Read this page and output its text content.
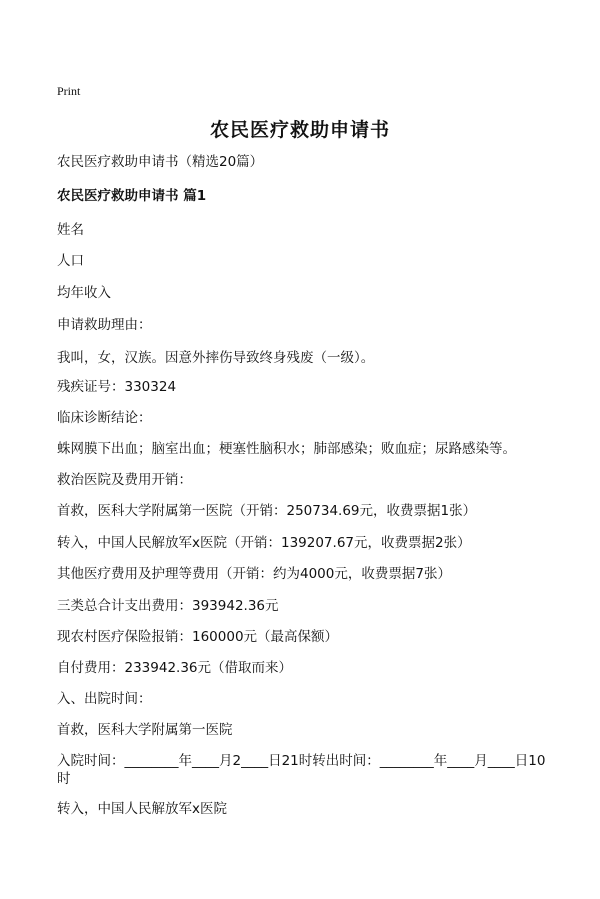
Print
农民医疗救助申请书

农民医疗救助申请书（精选20篇）

农民医疗救助申请书 篇1

姓名

人口

均年收入

申请救助理由：

我叫，女，汉族。因意外摔伤导致终身残废（一级）。

残疾证号：330324

临床诊断结论：

蛛网膜下出血；脑室出血；梗塞性脑积水；肺部感染；败血症；尿路感染等。

救治医院及费用开销：

首救，医科大学附属第一医院（开销：250734.69元，收费票据1张）

转入，中国人民解放军x医院（开销：139207.67元，收费票据2张）

其他医疗费用及护理等费用（开销：约为4000元，收费票据7张）

三类总合计支出费用：393942.36元

现农村医疗保险报销：160000元（最高保额）

自付费用：233942.36元（借取而来）

入、出院时间：

首救，医科大学附属第一医院

入院时间：________年____月2____日21时转出时间：________年____月____日10时

转入，中国人民解放军x医院
